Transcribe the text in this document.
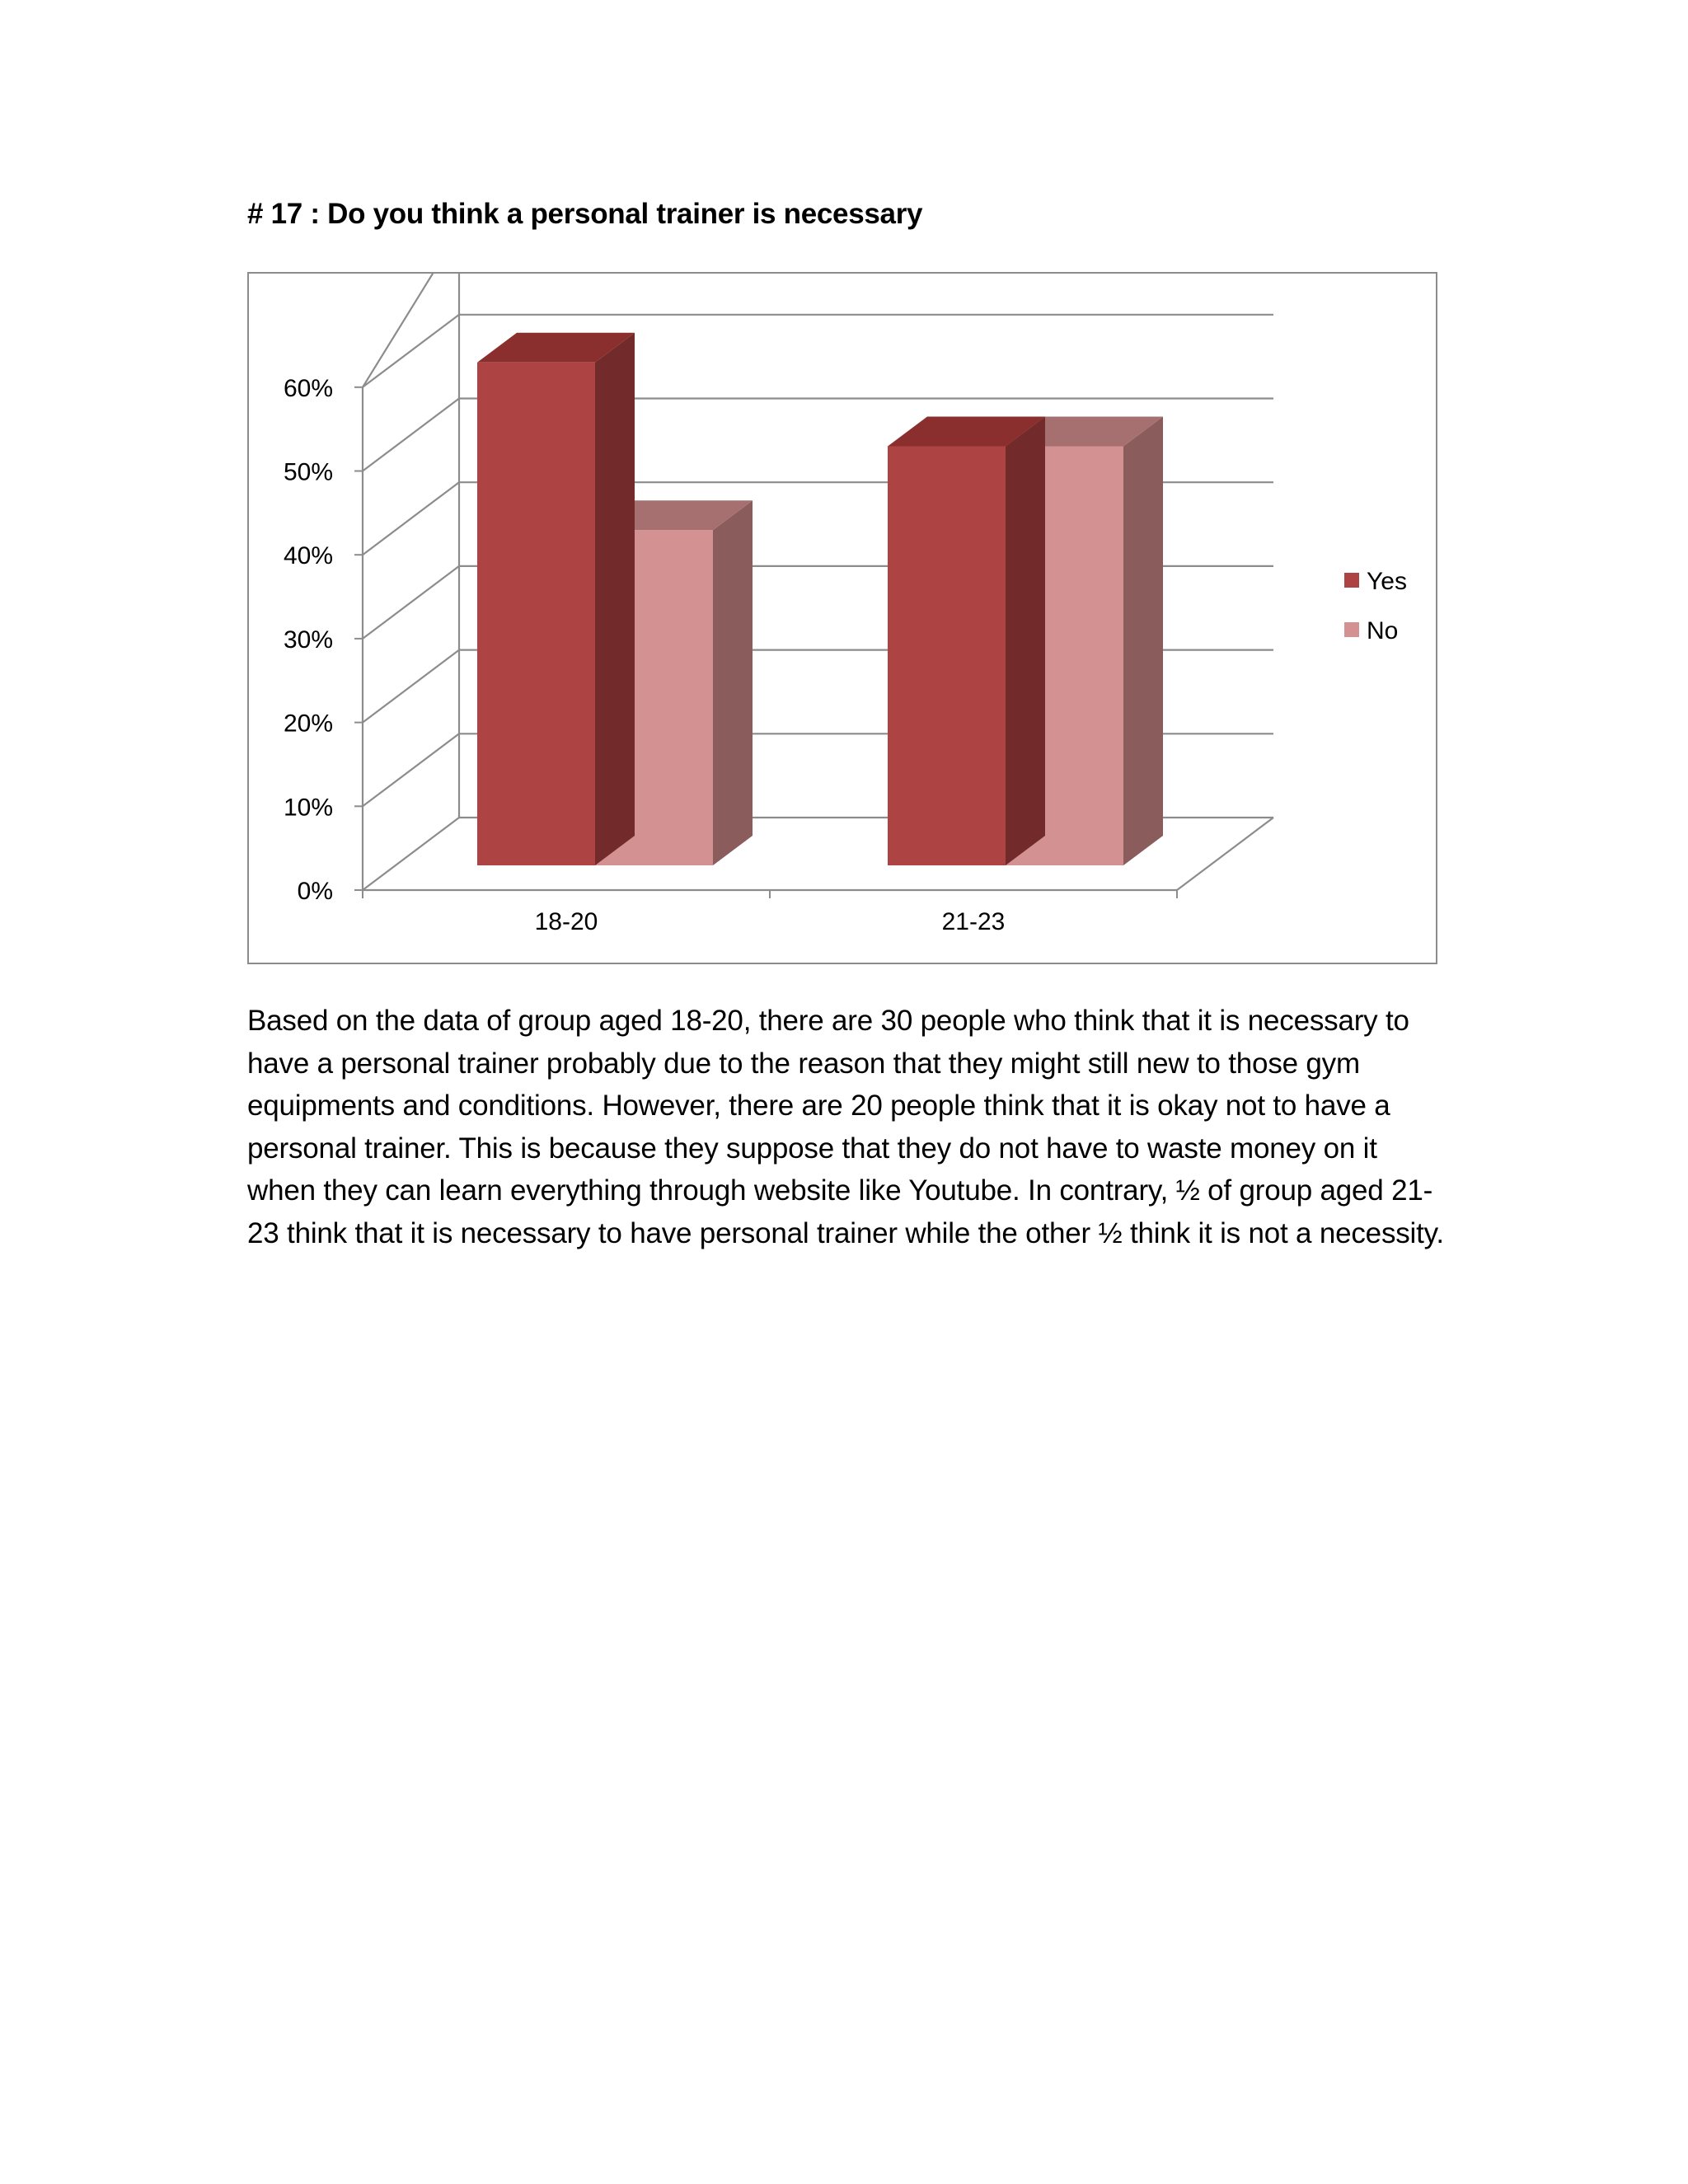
# 17 : Do you think a personal trainer is necessary
0%
10%
20%
30%
40%
50%
60%
18-20	21-23
Yes
No

Based on the data of group aged 18-20, there are 30 people who think that it is necessary to have a personal trainer probably due to the reason that they might still new to those gym equipments and conditions. However, there are 20 people think that it is okay not to have a personal trainer. This is because they suppose that they do not have to waste money on it when they can learn everything through website like Youtube. In contrary, ½ of group aged 21-23 think that it is necessary to have personal trainer while the other ½ think it is not a necessity.
